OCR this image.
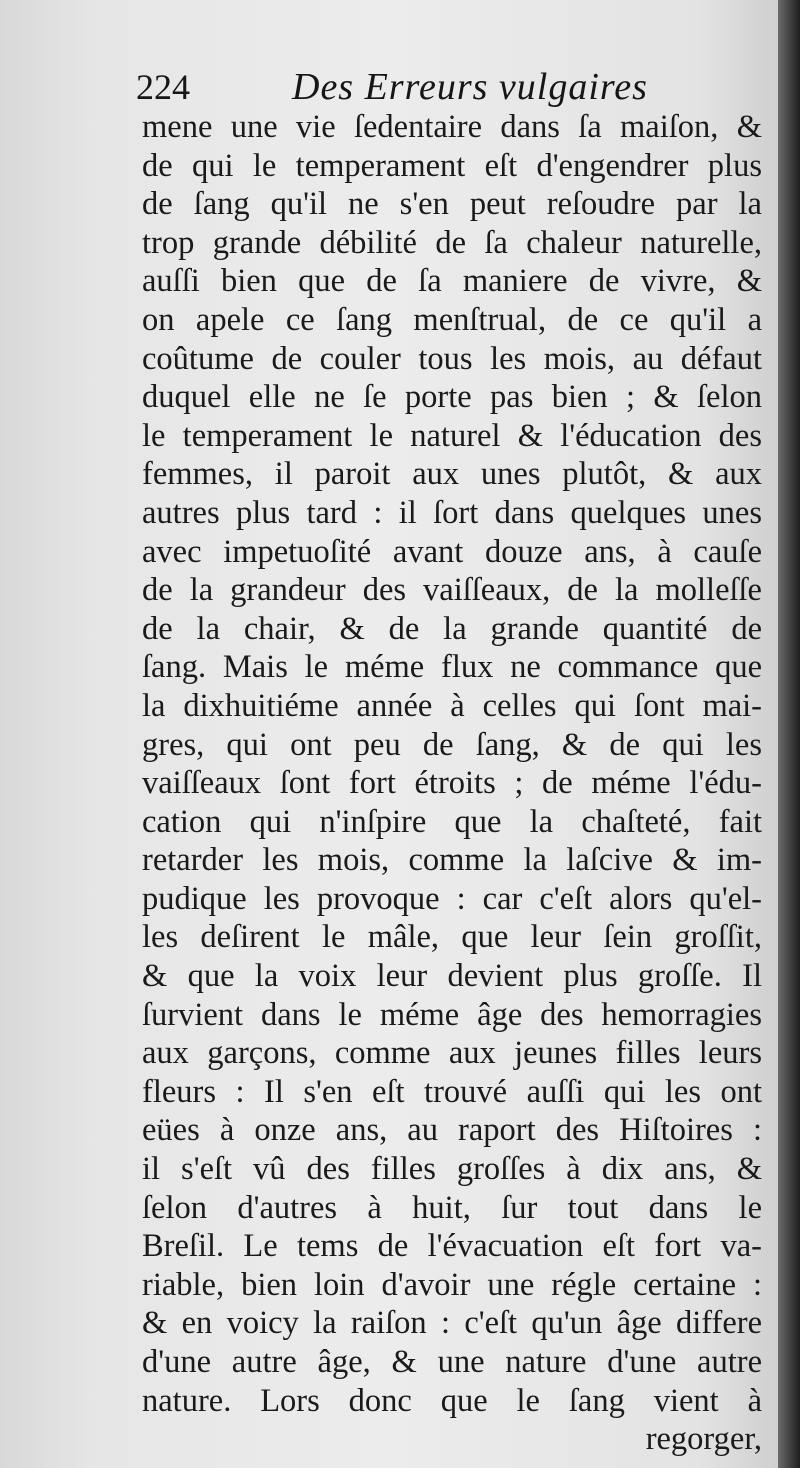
224	Des Erreurs vulgaires
mene une vie ſedentaire dans ſa maiſon, &
de qui le temperament eſt d'engendrer plus
de ſang qu'il ne s'en peut reſoudre par la
trop grande débilité de ſa chaleur naturelle,
auſſi bien que de ſa maniere de vivre, &
on apele ce ſang menſtrual, de ce qu'il a
coûtume de couler tous les mois, au défaut
duquel elle ne ſe porte pas bien ; & ſelon
le temperament le naturel & l'éducation des
femmes, il paroit aux unes plutôt, & aux
autres plus tard : il ſort dans quelques unes
avec impetuoſité avant douze ans, à cauſe
de la grandeur des vaiſſeaux, de la molleſſe
de la chair, & de la grande quantité de
ſang. Mais le méme flux ne commance que
la dixhuitiéme année à celles qui ſont mai-
gres, qui ont peu de ſang, & de qui les
vaiſſeaux ſont fort étroits ; de méme l'édu-
cation qui n'inſpire que la chaſteté, fait
retarder les mois, comme la laſcive & im-
pudique les provoque : car c'eſt alors qu'el-
les deſirent le mâle, que leur ſein groſſit,
& que la voix leur devient plus groſſe. Il
ſurvient dans le méme âge des hemorragies
aux garçons, comme aux jeunes filles leurs
fleurs : Il s'en eſt trouvé auſſi qui les ont
eües à onze ans, au raport des Hiſtoires :
il s'eſt vû des filles groſſes à dix ans, &
ſelon d'autres à huit, ſur tout dans le
Breſil. Le tems de l'évacuation eſt fort va-
riable, bien loin d'avoir une régle certaine :
& en voicy la raiſon : c'eſt qu'un âge differe
d'une autre âge, & une nature d'une autre
nature. Lors donc que le ſang vient à
regorger,
